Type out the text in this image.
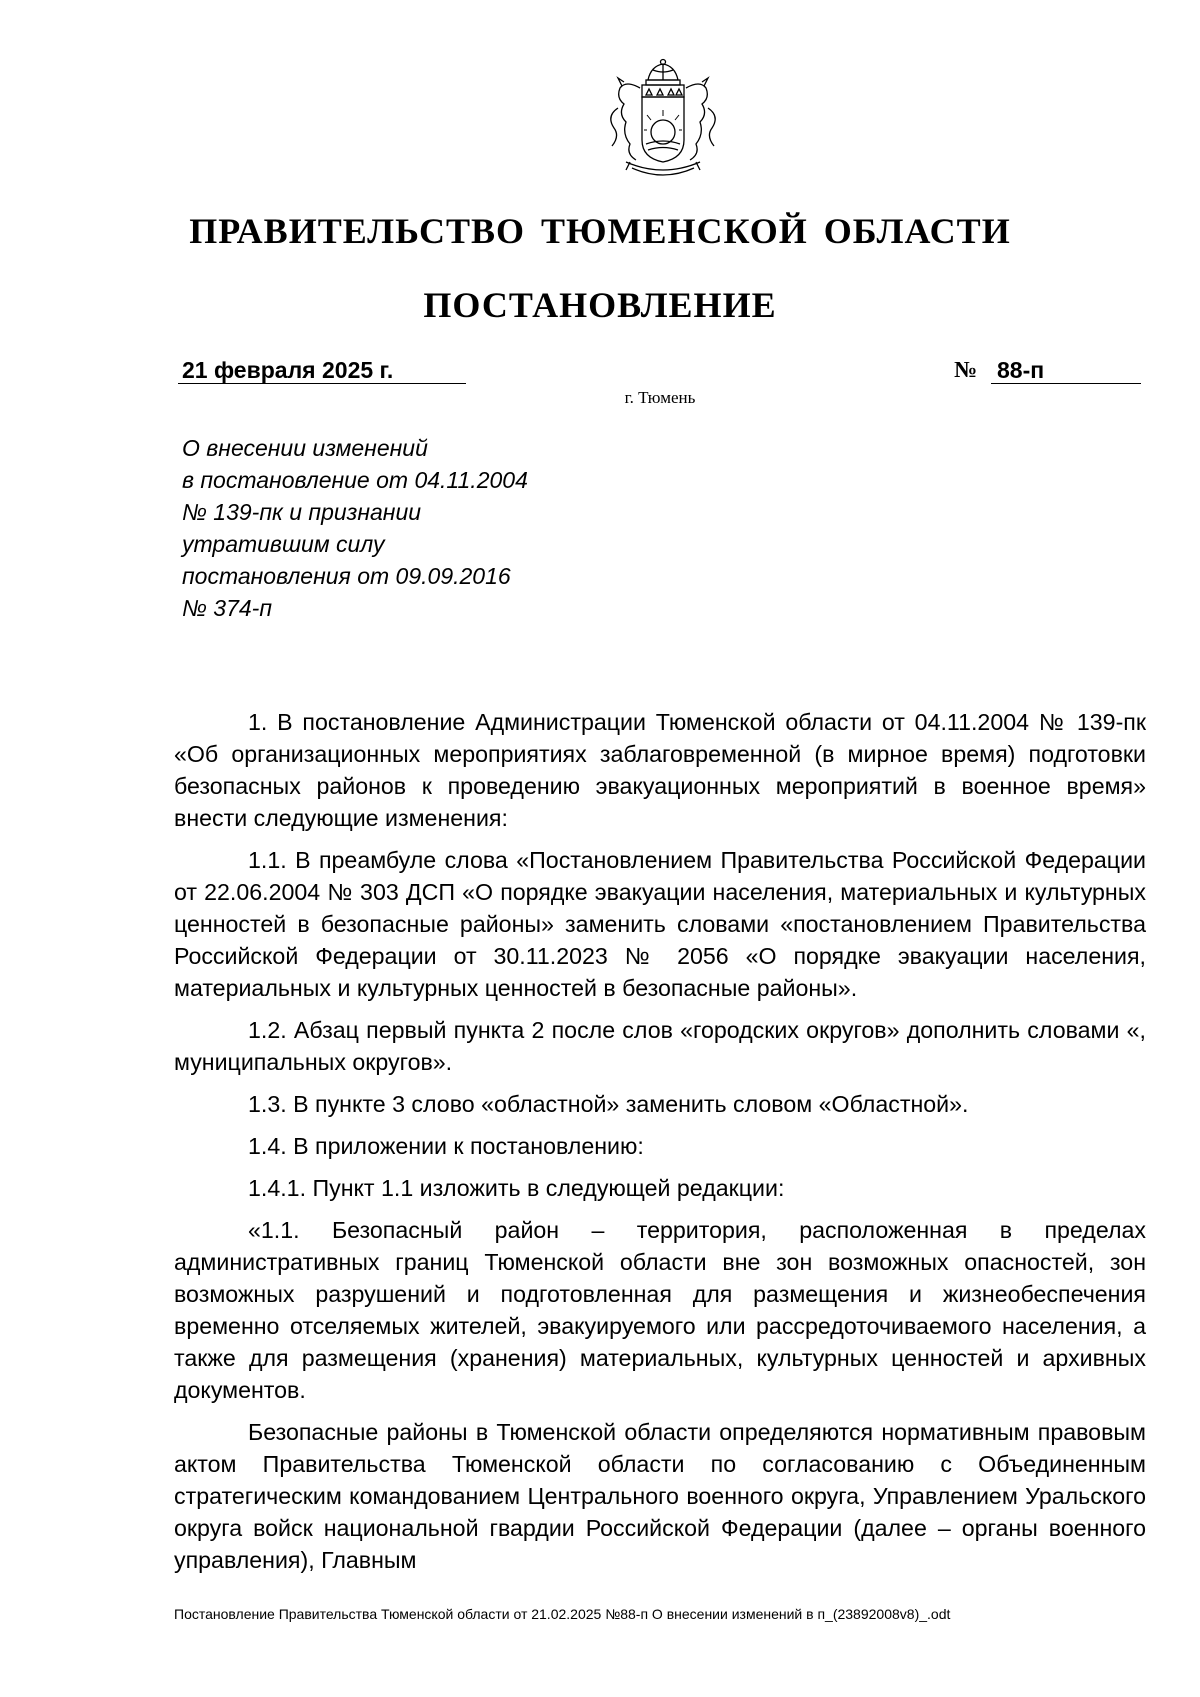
ПРАВИТЕЛЬСТВО ТЮМЕНСКОЙ ОБЛАСТИ
ПОСТАНОВЛЕНИЕ
21 февраля 2025 г.	№ 88-п
г. Тюмень
О внесении изменений
в постановление от 04.11.2004
№ 139-пк и признании
утратившим силу
постановления от 09.09.2016
№ 374-п

1. В постановление Администрации Тюменской области от 04.11.2004 № 139-пк «Об организационных мероприятиях заблаговременной (в мирное время) подготовки безопасных районов к проведению эвакуационных мероприятий в военное время» внести следующие изменения:

1.1. В преамбуле слова «Постановлением Правительства Российской Федерации от 22.06.2004 № 303 ДСП «О порядке эвакуации населения, материальных и культурных ценностей в безопасные районы» заменить словами «постановлением Правительства Российской Федерации от 30.11.2023 № 2056 «О порядке эвакуации населения, материальных и культурных ценностей в безопасные районы».

1.2. Абзац первый пункта 2 после слов «городских округов» дополнить словами «, муниципальных округов».

1.3. В пункте 3 слово «областной» заменить словом «Областной».

1.4. В приложении к постановлению:

1.4.1. Пункт 1.1 изложить в следующей редакции:

«1.1. Безопасный район – территория, расположенная в пределах административных границ Тюменской области вне зон возможных опасностей, зон возможных разрушений и подготовленная для размещения и жизнеобеспечения временно отселяемых жителей, эвакуируемого или рассредоточиваемого населения, а также для размещения (хранения) материальных, культурных ценностей и архивных документов.

Безопасные районы в Тюменской области определяются нормативным правовым актом Правительства Тюменской области по согласованию с Объединенным стратегическим командованием Центрального военного округа, Управлением Уральского округа войск национальной гвардии Российской Федерации (далее – органы военного управления), Главным

Постановление Правительства Тюменской области от 21.02.2025 №88-п О внесении изменений в п_(23892008v8)_.odt
